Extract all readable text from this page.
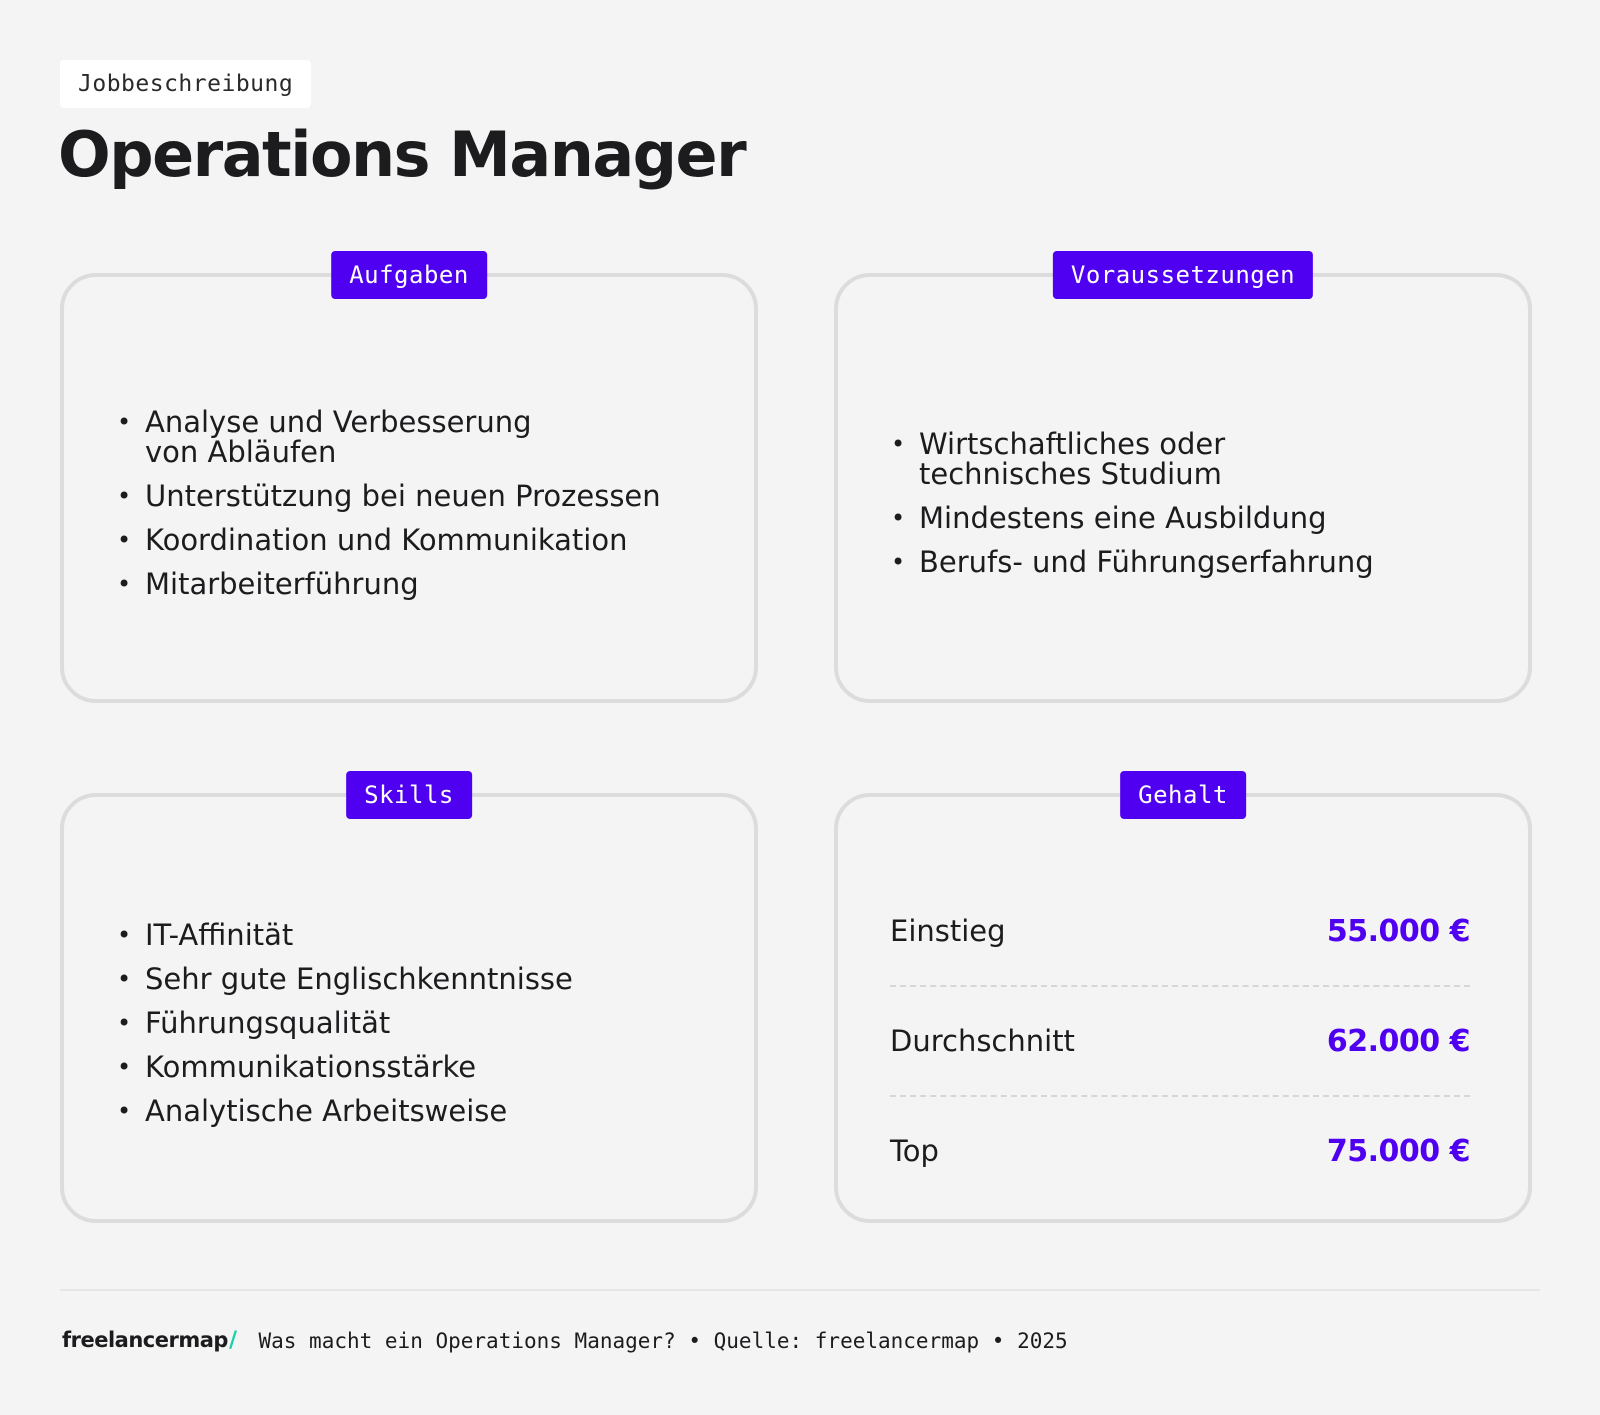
Jobbeschreibung
Operations Manager
Aufgaben
• Analyse und Verbesserung
von Abläufen
• Unterstützung bei neuen Prozessen
• Koordination und Kommunikation
• Mitarbeiterführung
Voraussetzungen
• Wirtschaftliches oder
technisches Studium
• Mindestens eine Ausbildung
• Berufs- und Führungserfahrung
Skills
• IT-Affinität
• Sehr gute Englischkenntnisse
• Führungsqualität
• Kommunikationsstärke
• Analytische Arbeitsweise
Gehalt
Einstieg	55.000 €
Durchschnitt	62.000 €
Top	75.000 €
freelancermap/ Was macht ein Operations Manager? • Quelle: freelancermap • 2025
